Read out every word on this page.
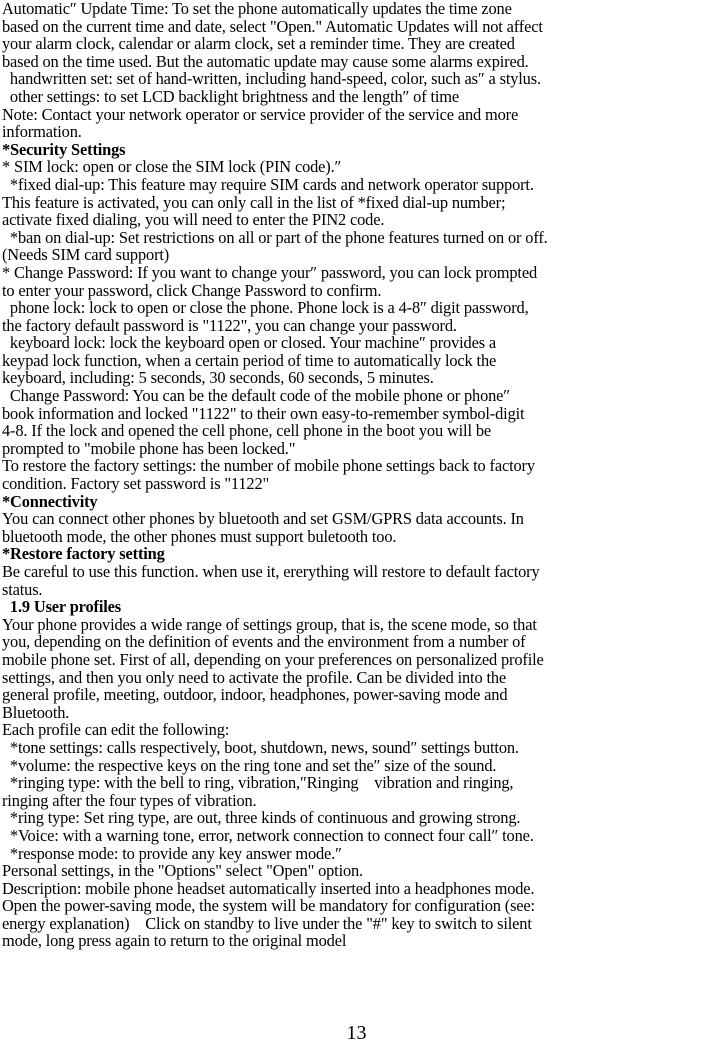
Automatic″ Update Time: To set the phone automatically updates the time zone
based on the current time and date, select "Open." Automatic Updates will not affect
your alarm clock, calendar or alarm clock, set a reminder time. They are created
based on the time used. But the automatic update may cause some alarms expired.
handwritten set: set of hand-written, including hand-speed, color, such as″ a stylus.
other settings: to set LCD backlight brightness and the length″ of time
Note: Contact your network operator or service provider of the service and more
information.
*Security Settings
* SIM lock: open or close the SIM lock (PIN code).″
*fixed dial-up: This feature may require SIM cards and network operator support.
This feature is activated, you can only call in the list of *fixed dial-up number;
activate fixed dialing, you will need to enter the PIN2 code.
*ban on dial-up: Set restrictions on all or part of the phone features turned on or off.
(Needs SIM card support)
* Change Password: If you want to change your″ password, you can lock prompted
to enter your password, click Change Password to confirm.
phone lock: lock to open or close the phone. Phone lock is a 4-8″ digit password,
the factory default password is "1122", you can change your password.
keyboard lock: lock the keyboard open or closed. Your machine″ provides a
keypad lock function, when a certain period of time to automatically lock the
keyboard, including: 5 seconds, 30 seconds, 60 seconds, 5 minutes.
Change Password: You can be the default code of the mobile phone or phone″
book information and locked "1122" to their own easy-to-remember symbol-digit
4-8. If the lock and opened the cell phone, cell phone in the boot you will be
prompted to "mobile phone has been locked."
To restore the factory settings: the number of mobile phone settings back to factory
condition. Factory set password is "1122"
*Connectivity
You can connect other phones by bluetooth and set GSM/GPRS data accounts. In
bluetooth mode, the other phones must support buletooth too.
*Restore factory setting
Be careful to use this function. when use it, ererything will restore to default factory
status.
1.9 User profiles
Your phone provides a wide range of settings group, that is, the scene mode, so that
you, depending on the definition of events and the environment from a number of
mobile phone set. First of all, depending on your preferences on personalized profile
settings, and then you only need to activate the profile. Can be divided into the
general profile, meeting, outdoor, indoor, headphones, power-saving mode and
Bluetooth.
Each profile can edit the following:
*tone settings: calls respectively, boot, shutdown, news, sound″ settings button.
*volume: the respective keys on the ring tone and set the″ size of the sound.
*ringing type: with the bell to ring, vibration,″Ringing    vibration and ringing,
ringing after the four types of vibration.
*ring type: Set ring type, are out, three kinds of continuous and growing strong.
*Voice: with a warning tone, error, network connection to connect four call″ tone.
*response mode: to provide any key answer mode.″
Personal settings, in the "Options" select "Open" option.
Description: mobile phone headset automatically inserted into a headphones mode.
Open the power-saving mode, the system will be mandatory for configuration (see:
energy explanation)    Click on standby to live under the "#" key to switch to silent
mode, long press again to return to the original model
13
